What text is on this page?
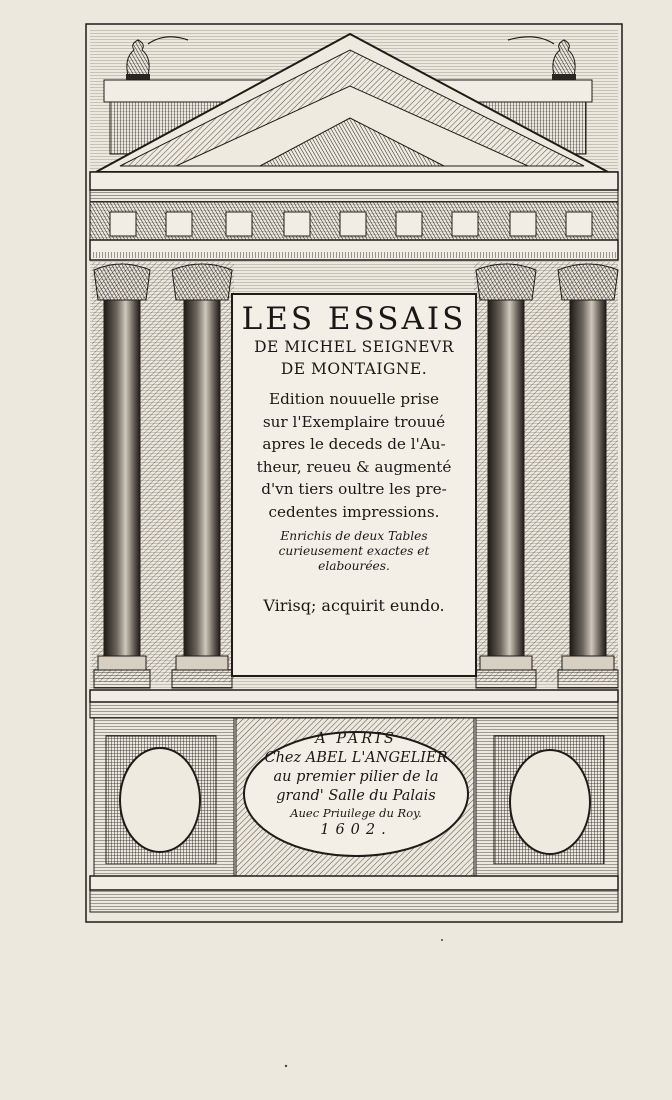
LES ESSAIS
DE MICHEL SEIGNEVR
DE MONTAIGNE.
Edition nouuelle prise
sur l'Exemplaire trouué
apres le deceds de l'Au-
theur, reueu & augmenté
d'vn tiers oultre les pre-
cedentes impressions.
Enrichis de deux Tables
curieusement exactes et
elabourées.
Virisq; acquirit eundo.
A PARIS
Chez ABEL L'ANGELIER
au premier pilier de la
grand' Salle du Palais
Auec Priuilege du Roy.
1602.
